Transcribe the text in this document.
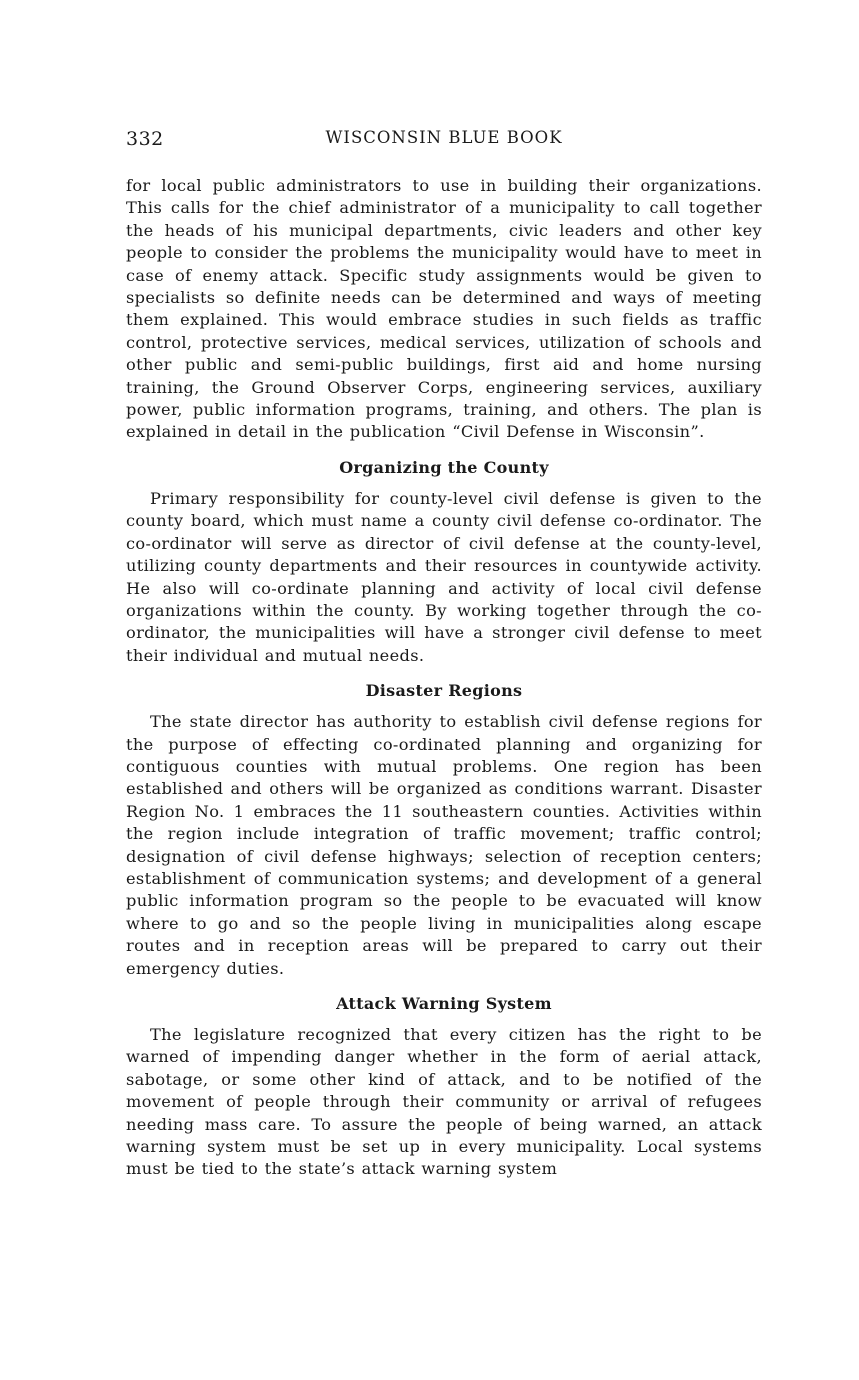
332	WISCONSIN BLUE BOOK

for local public administrators to use in building their organizations. This calls for the chief administrator of a municipality to call together the heads of his municipal departments, civic leaders and other key people to consider the problems the municipality would have to meet in case of enemy attack. Specific study assignments would be given to specialists so definite needs can be determined and ways of meeting them explained. This would embrace studies in such fields as traffic control, protective services, medical services, utilization of schools and other public and semi-public buildings, first aid and home nursing training, the Ground Observer Corps, engineering services, auxiliary power, public information programs, training, and others. The plan is explained in detail in the publication “Civil Defense in Wisconsin”.

Organizing the County

Primary responsibility for county-level civil defense is given to the county board, which must name a county civil defense co-ordinator. The co-ordinator will serve as director of civil defense at the county-level, utilizing county departments and their resources in countywide activity. He also will co-ordinate planning and activity of local civil defense organizations within the county. By working together through the co-ordinator, the municipalities will have a stronger civil defense to meet their individual and mutual needs.

Disaster Regions

The state director has authority to establish civil defense regions for the purpose of effecting co-ordinated planning and organizing for contiguous counties with mutual problems. One region has been established and others will be organized as conditions warrant. Disaster Region No. 1 embraces the 11 southeastern counties. Activities within the region include integration of traffic movement; traffic control; designation of civil defense highways; selection of reception centers; establishment of communication systems; and development of a general public information program so the people to be evacuated will know where to go and so the people living in municipalities along escape routes and in reception areas will be prepared to carry out their emergency duties.

Attack Warning System

The legislature recognized that every citizen has the right to be warned of impending danger whether in the form of aerial attack, sabotage, or some other kind of attack, and to be notified of the movement of people through their community or arrival of refugees needing mass care. To assure the people of being warned, an attack warning system must be set up in every municipality. Local systems must be tied to the state’s attack warning system
